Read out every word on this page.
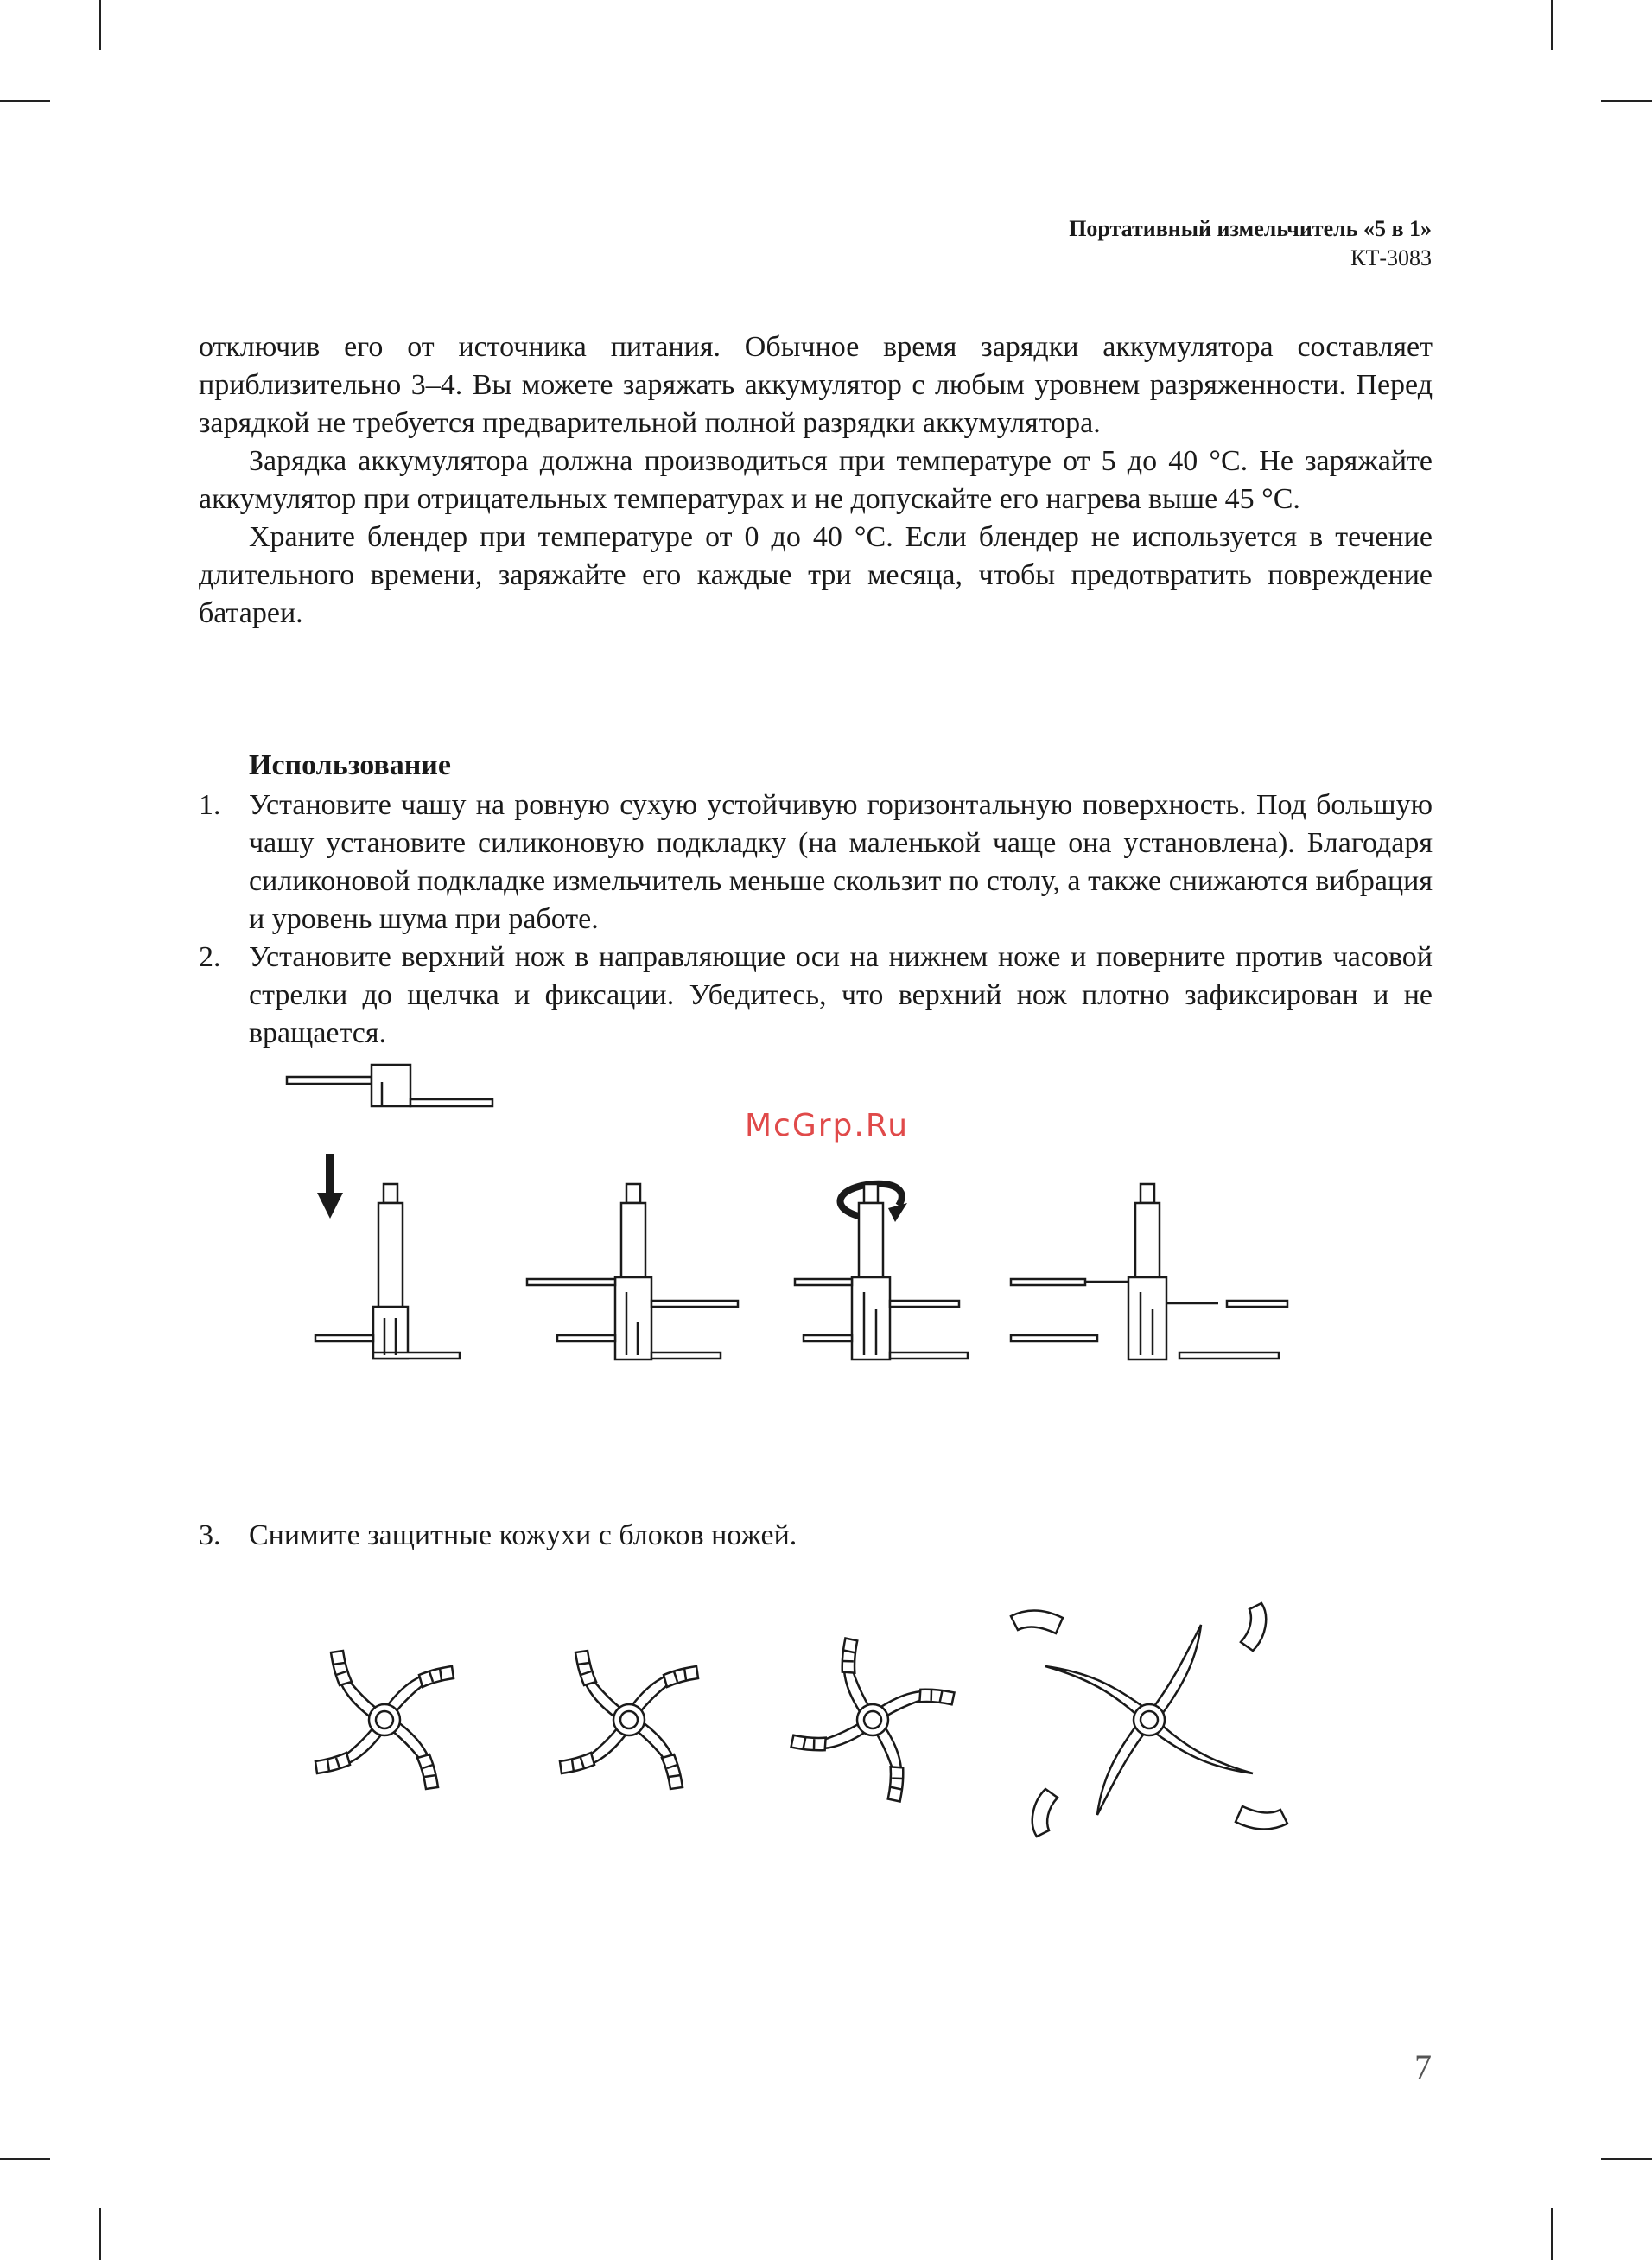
Портативный измельчитель «5 в 1»
КТ-3083

отключив его от источника питания. Обычное время зарядки аккумулятора составляет приблизительно 3–4. Вы можете заряжать аккумулятор с любым уровнем разряженности. Перед зарядкой не требуется предварительной полной разрядки аккумулятора.

Зарядка аккумулятора должна производиться при температуре от 5 до 40 °С. Не заряжайте аккумулятор при отрицательных температурах и не допускайте его нагрева выше 45 °С.

Храните блендер при температуре от 0 до 40 °С. Если блендер не используется в течение длительного времени, заряжайте его каждые три месяца, чтобы предотвратить повреждение батареи.

Использование
1. Установите чашу на ровную сухую устойчивую горизонтальную поверхность. Под большую чашу установите силиконовую подкладку (на маленькой чаще она установлена). Благодаря силиконовой подкладке измельчитель меньше скользит по столу, а также снижаются вибрация и уровень шума при работе.
2. Установите верхний нож в направляющие оси на нижнем ноже и поверните против часовой стрелки до щелчка и фиксации. Убедитесь, что верхний нож плотно зафиксирован и не вращается.
McGrp.Ru
3. Снимите защитные кожухи с блоков ножей.
7
